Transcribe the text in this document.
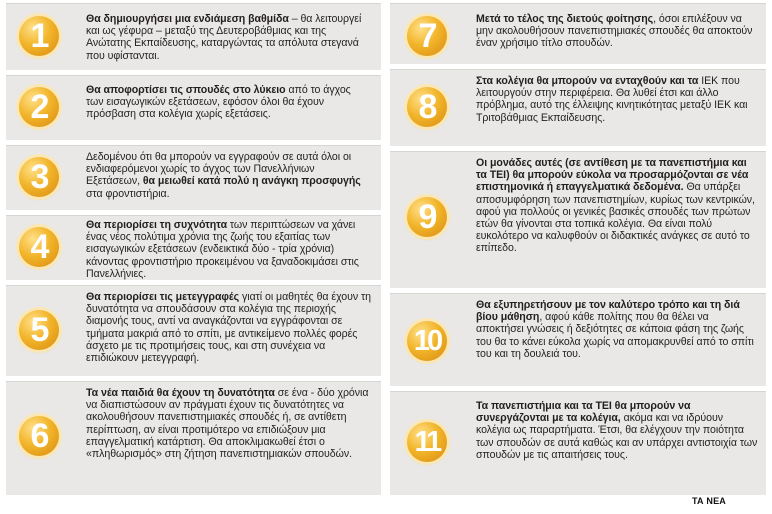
1	Θα δημιουργήσει μια ενδιάμεση βαθμίδα – θα λειτουργεί και ως γέφυρα – μεταξύ της Δευτεροβάθμιας και της Ανώτατης Εκπαίδευσης, καταργώντας τα απόλυτα στεγανά που υφίστανται.
2	Θα αποφορτίσει τις σπουδές στο λύκειο από το άγχος των εισαγωγικών εξετάσεων, εφόσον όλοι θα έχουν πρόσβαση στα κολέγια χωρίς εξετάσεις.
3
Δεδομένου ότι θα μπορούν να εγγραφούν σε αυτά όλοι οι ενδιαφερόμενοι χωρίς το άγχος των Πανελλήνιων Εξετάσεων, θα μειωθεί κατά πολύ η ανάγκη προσφυγής στα φροντιστήρια.
4
Θα περιορίσει τη συχνότητα των περιπτώσεων να χάνει ένας νέος πολύτιμα χρόνια της ζωής του εξαιτίας των εισαγωγικών εξετάσεων (ενδεικτικά δύο - τρία χρόνια) κάνοντας φροντιστήριο προκειμένου να ξαναδοκιμάσει στις Πανελλήνιες.
5
Θα περιορίσει τις μετεγγραφές γιατί οι μαθητές θα έχουν τη δυνατότητα να σπουδάσουν στα κολέγια της περιοχής διαμονής τους, αντί να αναγκάζονται να εγγράφονται σε τμήματα μακριά από το σπίτι, με αντικείμενο πολλές φορές άσχετο με τις προτιμήσεις τους, και στη συνέχεια να επιδιώκουν μετεγγραφή.
6
Τα νέα παιδιά θα έχουν τη δυνατότητα σε ένα - δύο χρόνια να διαπιστώσουν αν πράγματι έχουν τις δυνατότητες να ακολουθήσουν πανεπιστημιακές σπουδές ή, σε αντίθετη περίπτωση, αν είναι προτιμότερο να επιδιώξουν μια επαγγελματική κατάρτιση. Θα αποκλιμακωθεί έτσι ο «πληθωρισμός» στη ζήτηση πανεπιστημιακών σπουδών.
7	Μετά το τέλος της διετούς φοίτησης, όσοι επιλέξουν να μην ακολουθήσουν πανεπιστημιακές σπουδές θα αποκτούν έναν χρήσιμο τίτλο σπουδών.
8
Στα κολέγια θα μπορούν να ενταχθούν και τα ΙΕΚ που λειτουργούν στην περιφέρεια. Θα λυθεί έτσι και άλλο πρόβλημα, αυτό της έλλειψης κινητικότητας μεταξύ ΙΕΚ και Τριτοβάθμιας Εκπαίδευσης.
9
Οι μονάδες αυτές (σε αντίθεση με τα πανεπιστήμια και τα ΤΕΙ) θα μπορούν εύκολα να προσαρμόζονται σε νέα επιστημονικά ή επαγγελματικά δεδομένα. Θα υπάρξει αποσυμφόρηση των πανεπιστημίων, κυρίως των κεντρικών, αφού για πολλούς οι γενικές βασικές σπουδές των πρώτων ετών θα γίνονται στα τοπικά κολέγια. Θα είναι πολύ ευκολότερο να καλυφθούν οι διδακτικές ανάγκες σε αυτό το επίπεδο.
10
Θα εξυπηρετήσουν με τον καλύτερο τρόπο και τη διά βίου μάθηση, αφού κάθε πολίτης που θα θέλει να αποκτήσει γνώσεις ή δεξιότητες σε κάποια φάση της ζωής του θα το κάνει εύκολα χωρίς να απομακρυνθεί από το σπίτι του και τη δουλειά του.
11
Τα πανεπιστήμια και τα ΤΕΙ θα μπορούν να συνεργάζονται με τα κολέγια, ακόμα και να ιδρύουν κολέγια ως παραρτήματα. Έτσι, θα ελέγχουν την ποιότητα των σπουδών σε αυτά καθώς και αν υπάρχει αντιστοιχία των σπουδών με τις απαιτήσεις τους.
ΤΑ ΝΕΑ
